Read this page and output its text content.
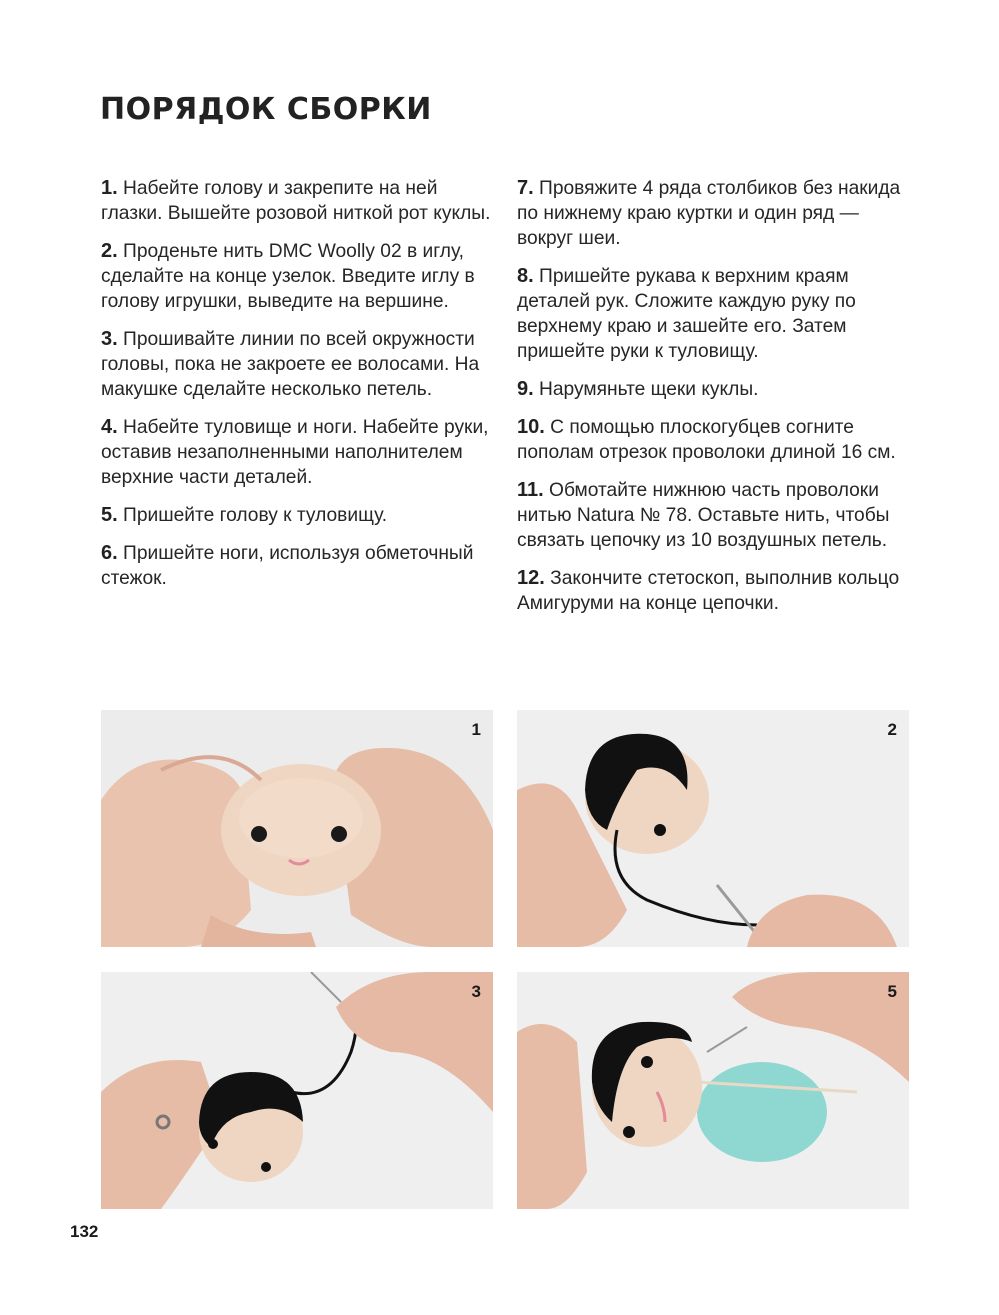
ПОРЯДОК СБОРКИ

1. Набейте голову и закрепите на ней глазки. Вышейте розовой ниткой рот куклы.

2. Проденьте нить DMC Woolly 02 в иглу, сделайте на конце узелок. Введите иглу в голову игрушки, выведите на вершине.

3. Прошивайте линии по всей окружности головы, пока не закроете ее волосами. На макушке сделайте несколько петель.

4. Набейте туловище и ноги. Набейте руки, оставив незаполненными наполнителем верхние части деталей.

5. Пришейте голову к туловищу.

6. Пришейте ноги, используя обметочный стежок.

7. Провяжите 4 ряда столбиков без накида по нижнему краю куртки и один ряд — вокруг шеи.

8. Пришейте рукава к верхним краям деталей рук. Сложите каждую руку по верхнему краю и зашейте его. Затем пришейте руки к туловищу.

9. Нарумяньте щеки куклы.

10. С помощью плоскогубцев согните пополам отрезок проволоки длиной 16 см.

11. Обмотайте нижнюю часть проволоки нитью Natura № 78. Оставьте нить, чтобы связать цепочку из 10 воздушных петель.

12. Закончите стетоскоп, выполнив кольцо Амигуруми на конце цепочки.

1	2
3	5
132
